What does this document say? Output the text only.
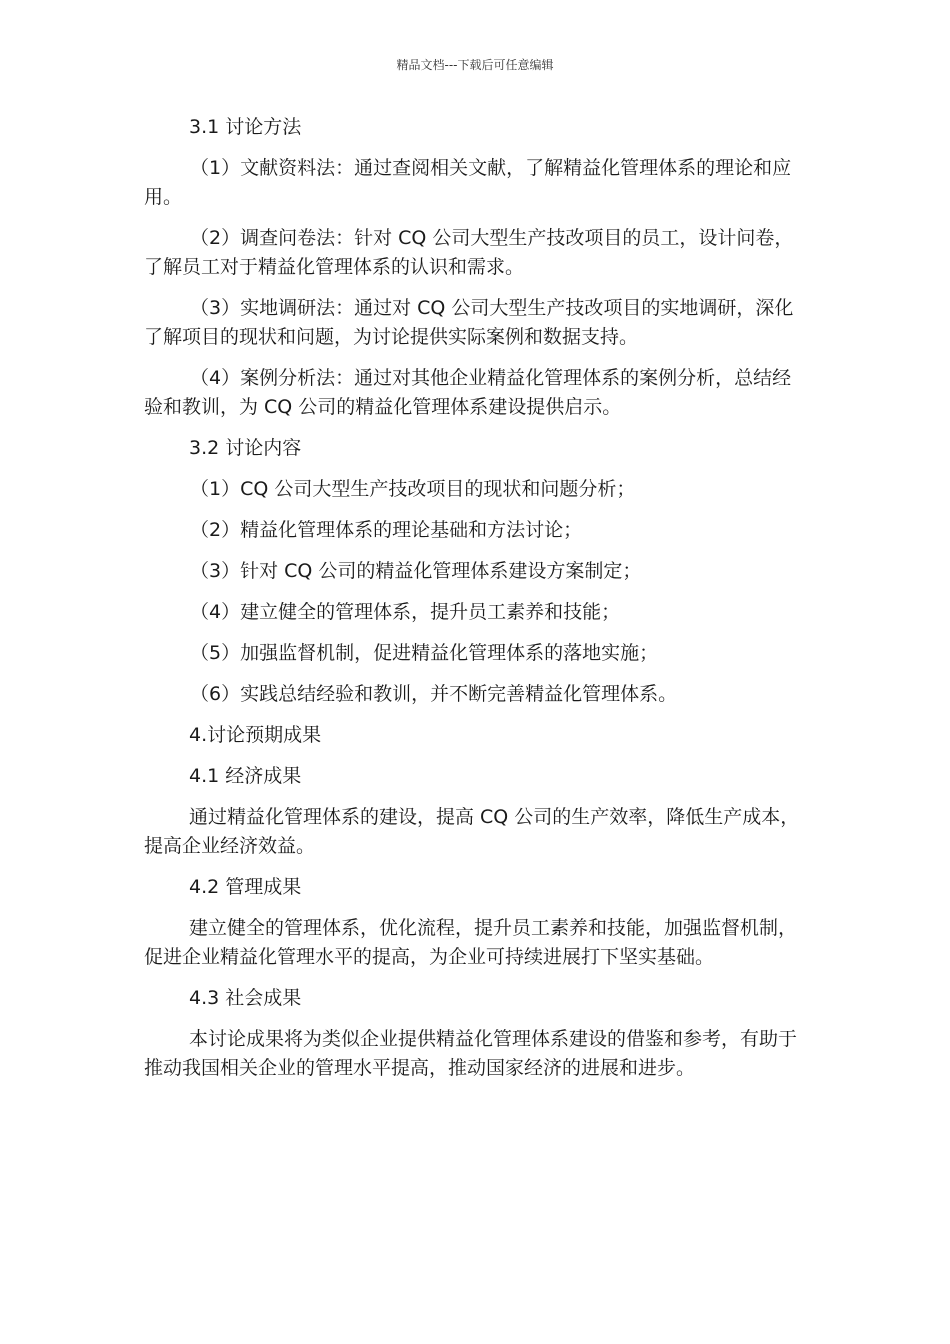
精品文档---下载后可任意编辑

3.1 讨论方法

（1）文献资料法：通过查阅相关文献，了解精益化管理体系的理论和应用。

（2）调查问卷法：针对 CQ 公司大型生产技改项目的员工，设计问卷，了解员工对于精益化管理体系的认识和需求。

（3）实地调研法：通过对 CQ 公司大型生产技改项目的实地调研，深化了解项目的现状和问题，为讨论提供实际案例和数据支持。

（4）案例分析法：通过对其他企业精益化管理体系的案例分析，总结经验和教训，为 CQ 公司的精益化管理体系建设提供启示。

3.2 讨论内容

（1）CQ 公司大型生产技改项目的现状和问题分析；

（2）精益化管理体系的理论基础和方法讨论；

（3）针对 CQ 公司的精益化管理体系建设方案制定；

（4）建立健全的管理体系，提升员工素养和技能；

（5）加强监督机制，促进精益化管理体系的落地实施；

（6）实践总结经验和教训，并不断完善精益化管理体系。

4.讨论预期成果

4.1 经济成果

通过精益化管理体系的建设，提高 CQ 公司的生产效率，降低生产成本，提高企业经济效益。

4.2 管理成果

建立健全的管理体系，优化流程，提升员工素养和技能，加强监督机制，促进企业精益化管理水平的提高，为企业可持续进展打下坚实基础。

4.3 社会成果

本讨论成果将为类似企业提供精益化管理体系建设的借鉴和参考，有助于推动我国相关企业的管理水平提高，推动国家经济的进展和进步。
